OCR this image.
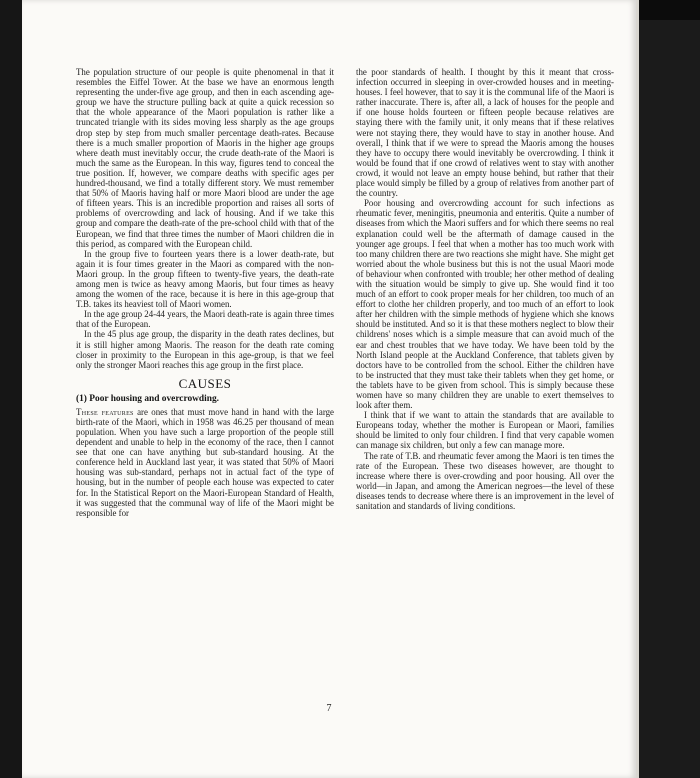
The population structure of our people is quite phenomenal in that it resembles the Eiffel Tower. At the base we have an enormous length representing the under-five age group, and then in each ascending age-group we have the structure pulling back at quite a quick recession so that the whole appearance of the Maori population is rather like a truncated triangle with its sides moving less sharply as the age groups drop step by step from much smaller percentage death-rates. Because there is a much smaller proportion of Maoris in the higher age groups where death must inevitably occur, the crude death-rate of the Maori is much the same as the European. In this way, figures tend to conceal the true position. If, however, we compare deaths with specific ages per hundred-thousand, we find a totally different story. We must remember that 50% of Maoris having half or more Maori blood are under the age of fifteen years. This is an incredible proportion and raises all sorts of problems of overcrowding and lack of housing. And if we take this group and compare the death-rate of the pre-school child with that of the European, we find that three times the number of Maori children die in this period, as compared with the European child.

In the group five to fourteen years there is a lower death-rate, but again it is four times greater in the Maori as compared with the non-Maori group. In the group fifteen to twenty-five years, the death-rate among men is twice as heavy among Maoris, but four times as heavy among the women of the race, because it is here in this age-group that T.B. takes its heaviest toll of Maori women.

In the age group 24-44 years, the Maori death-rate is again three times that of the European.

In the 45 plus age group, the disparity in the death rates declines, but it is still higher among Maoris. The reason for the death rate coming closer in proximity to the European in this age-group, is that we feel only the stronger Maori reaches this age group in the first place.

CAUSES
(1) Poor housing and overcrowding.

These features are ones that must move hand in hand with the large birth-rate of the Maori, which in 1958 was 46.25 per thousand of mean population. When you have such a large proportion of the people still dependent and unable to help in the economy of the race, then I cannot see that one can have anything but sub-standard housing. At the conference held in Auckland last year, it was stated that 50% of Maori housing was sub-standard, perhaps not in actual fact of the type of housing, but in the number of people each house was expected to cater for. In the Statistical Report on the Maori-European Standard of Health, it was suggested that the communal way of life of the Maori might be responsible for

the poor standards of health. I thought by this it meant that cross-infection occurred in sleeping in over-crowded houses and in meeting-houses. I feel however, that to say it is the communal life of the Maori is rather inaccurate. There is, after all, a lack of houses for the people and if one house holds fourteen or fifteen people because relatives are staying there with the family unit, it only means that if these relatives were not staying there, they would have to stay in another house. And overall, I think that if we were to spread the Maoris among the houses they have to occupy there would inevitably be overcrowding. I think it would be found that if one crowd of relatives went to stay with another crowd, it would not leave an empty house behind, but rather that their place would simply be filled by a group of relatives from another part of the country.

Poor housing and overcrowding account for such infections as rheumatic fever, meningitis, pneumonia and enteritis. Quite a number of diseases from which the Maori suffers and for which there seems no real explanation could well be the aftermath of damage caused in the younger age groups. I feel that when a mother has too much work with too many children there are two reactions she might have. She might get worried about the whole business but this is not the usual Maori mode of behaviour when confronted with trouble; her other method of dealing with the situation would be simply to give up. She would find it too much of an effort to cook proper meals for her children, too much of an effort to clothe her children properly, and too much of an effort to look after her children with the simple methods of hygiene which she knows should be instituted. And so it is that these mothers neglect to blow their childrens' noses which is a simple measure that can avoid much of the ear and chest troubles that we have today. We have been told by the North Island people at the Auckland Conference, that tablets given by doctors have to be controlled from the school. Either the children have to be instructed that they must take their tablets when they get home, or the tablets have to be given from school. This is simply because these women have so many children they are unable to exert themselves to look after them.

I think that if we want to attain the standards that are available to Europeans today, whether the mother is European or Maori, families should be limited to only four children. I find that very capable women can manage six children, but only a few can manage more.

The rate of T.B. and rheumatic fever among the Maori is ten times the rate of the European. These two diseases however, are thought to increase where there is over-crowding and poor housing. All over the world—in Japan, and among the American negroes—the level of these diseases tends to decrease where there is an improvement in the level of sanitation and standards of living conditions.

7
